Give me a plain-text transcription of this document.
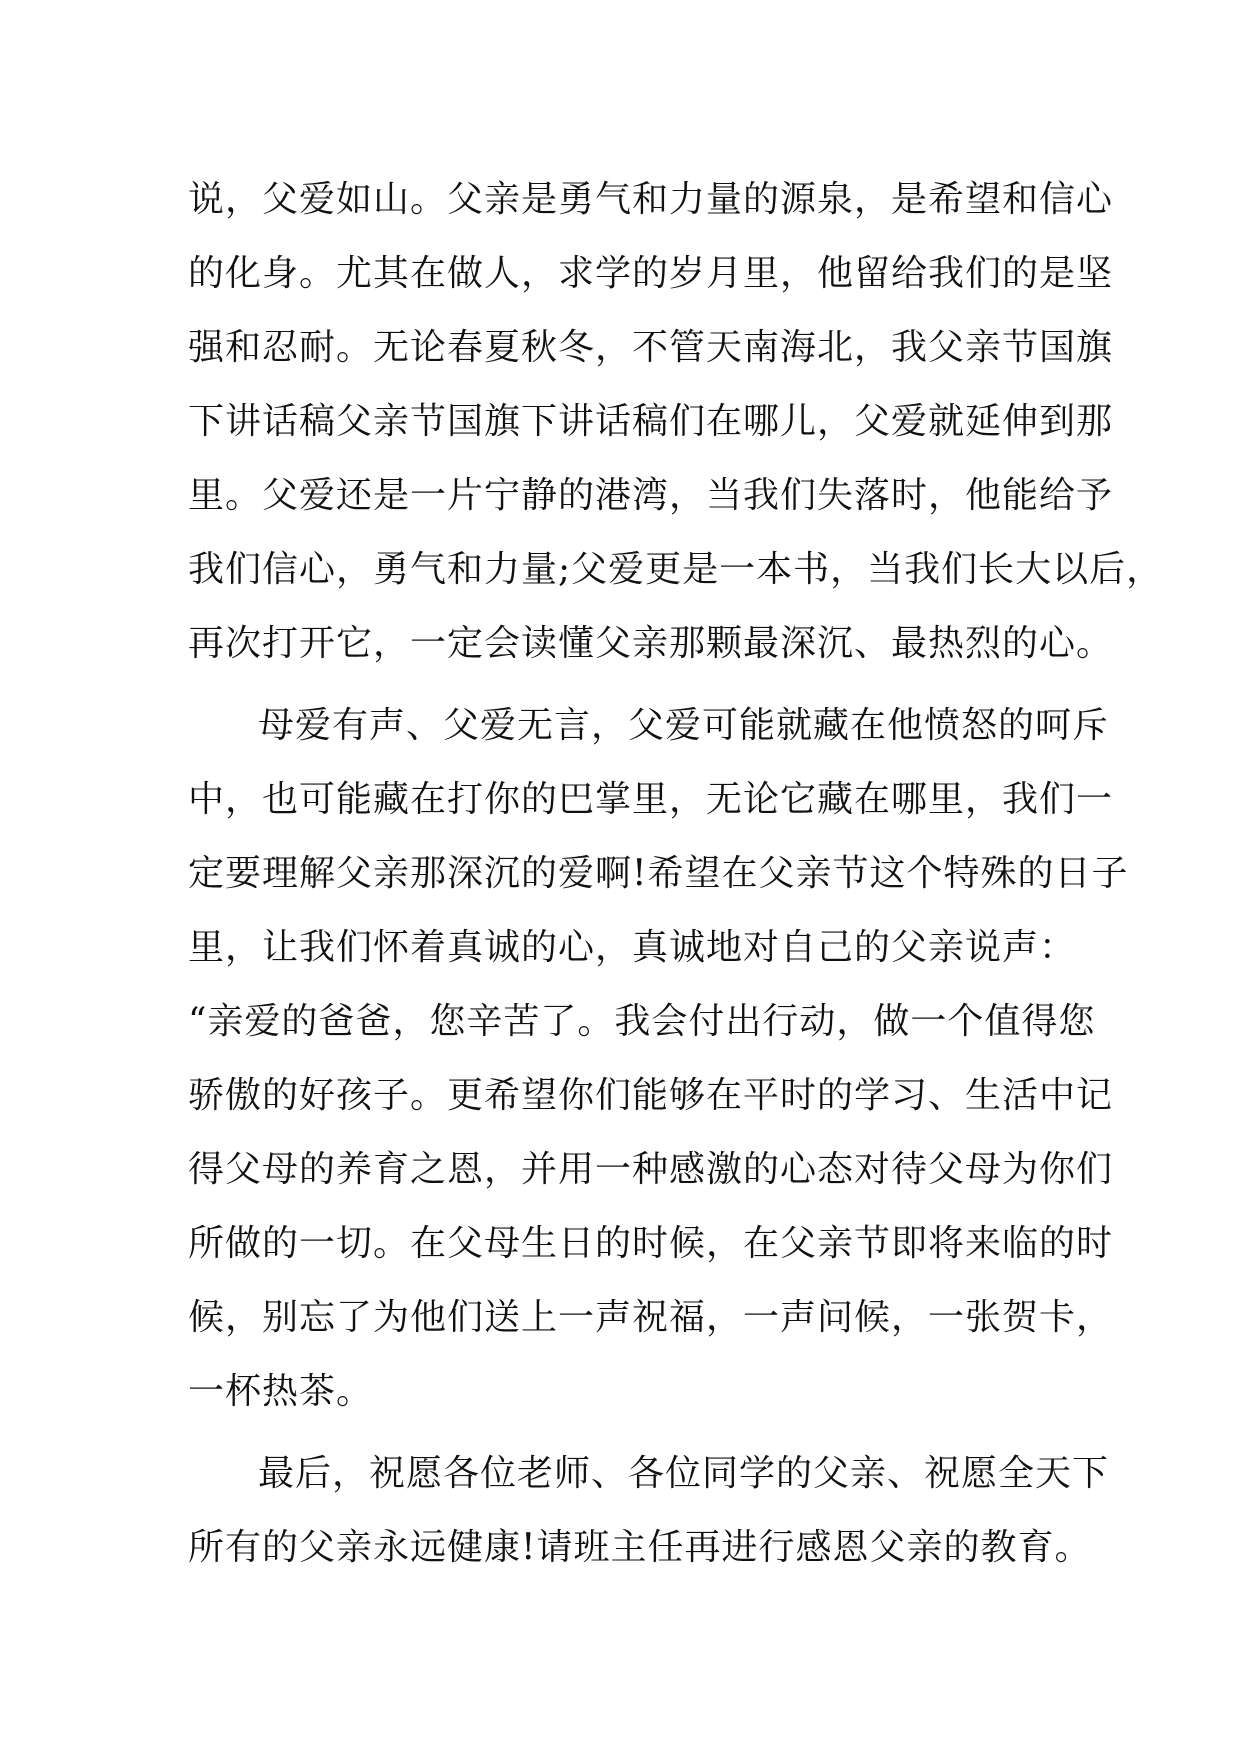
说，父爱如山。父亲是勇气和力量的源泉，是希望和信心
的化身。尤其在做人，求学的岁月里，他留给我们的是坚
强和忍耐。无论春夏秋冬，不管天南海北，我父亲节国旗
下讲话稿父亲节国旗下讲话稿们在哪儿，父爱就延伸到那
里。父爱还是一片宁静的港湾，当我们失落时，他能给予
我们信心，勇气和力量;父爱更是一本书，当我们长大以后，
再次打开它，一定会读懂父亲那颗最深沉、最热烈的心。
母爱有声、父爱无言，父爱可能就藏在他愤怒的呵斥
中，也可能藏在打你的巴掌里，无论它藏在哪里，我们一
定要理解父亲那深沉的爱啊!希望在父亲节这个特殊的日子
里，让我们怀着真诚的心，真诚地对自己的父亲说声：
“亲爱的爸爸，您辛苦了。我会付出行动，做一个值得您
骄傲的好孩子。更希望你们能够在平时的学习、生活中记
得父母的养育之恩，并用一种感激的心态对待父母为你们
所做的一切。在父母生日的时候，在父亲节即将来临的时
候，别忘了为他们送上一声祝福，一声问候，一张贺卡，
一杯热茶。
最后，祝愿各位老师、各位同学的父亲、祝愿全天下
所有的父亲永远健康!请班主任再进行感恩父亲的教育。
